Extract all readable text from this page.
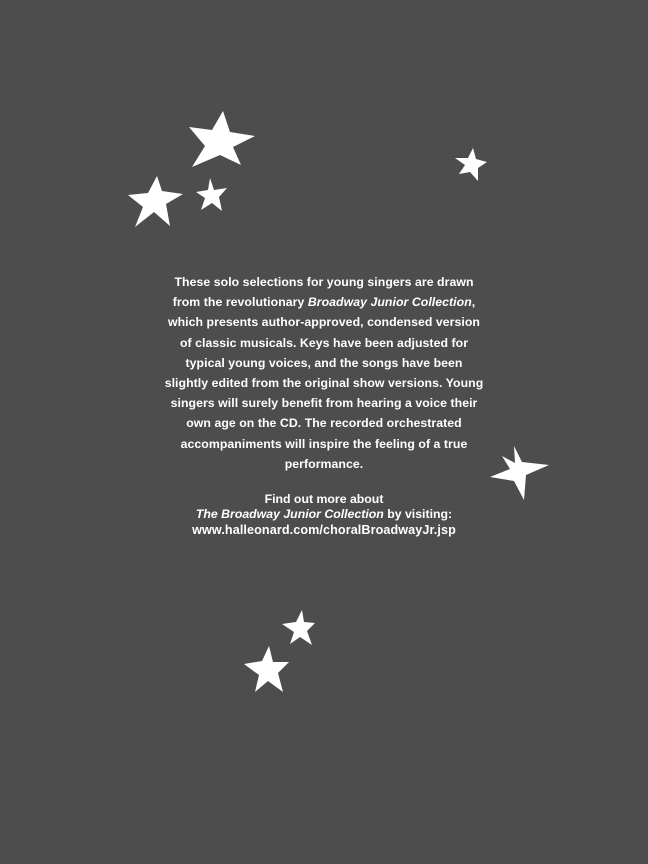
These solo selections for young singers are drawn from the revolutionary Broadway Junior Collection, which presents author-approved, condensed version of classic musicals. Keys have been adjusted for typical young voices, and the songs have been slightly edited from the original show versions. Young singers will surely benefit from hearing a voice their own age on the CD. The recorded orchestrated accompaniments will inspire the feeling of a true performance.

Find out more about
The Broadway Junior Collection by visiting:
www.halleonard.com/choralBroadwayJr.jsp
